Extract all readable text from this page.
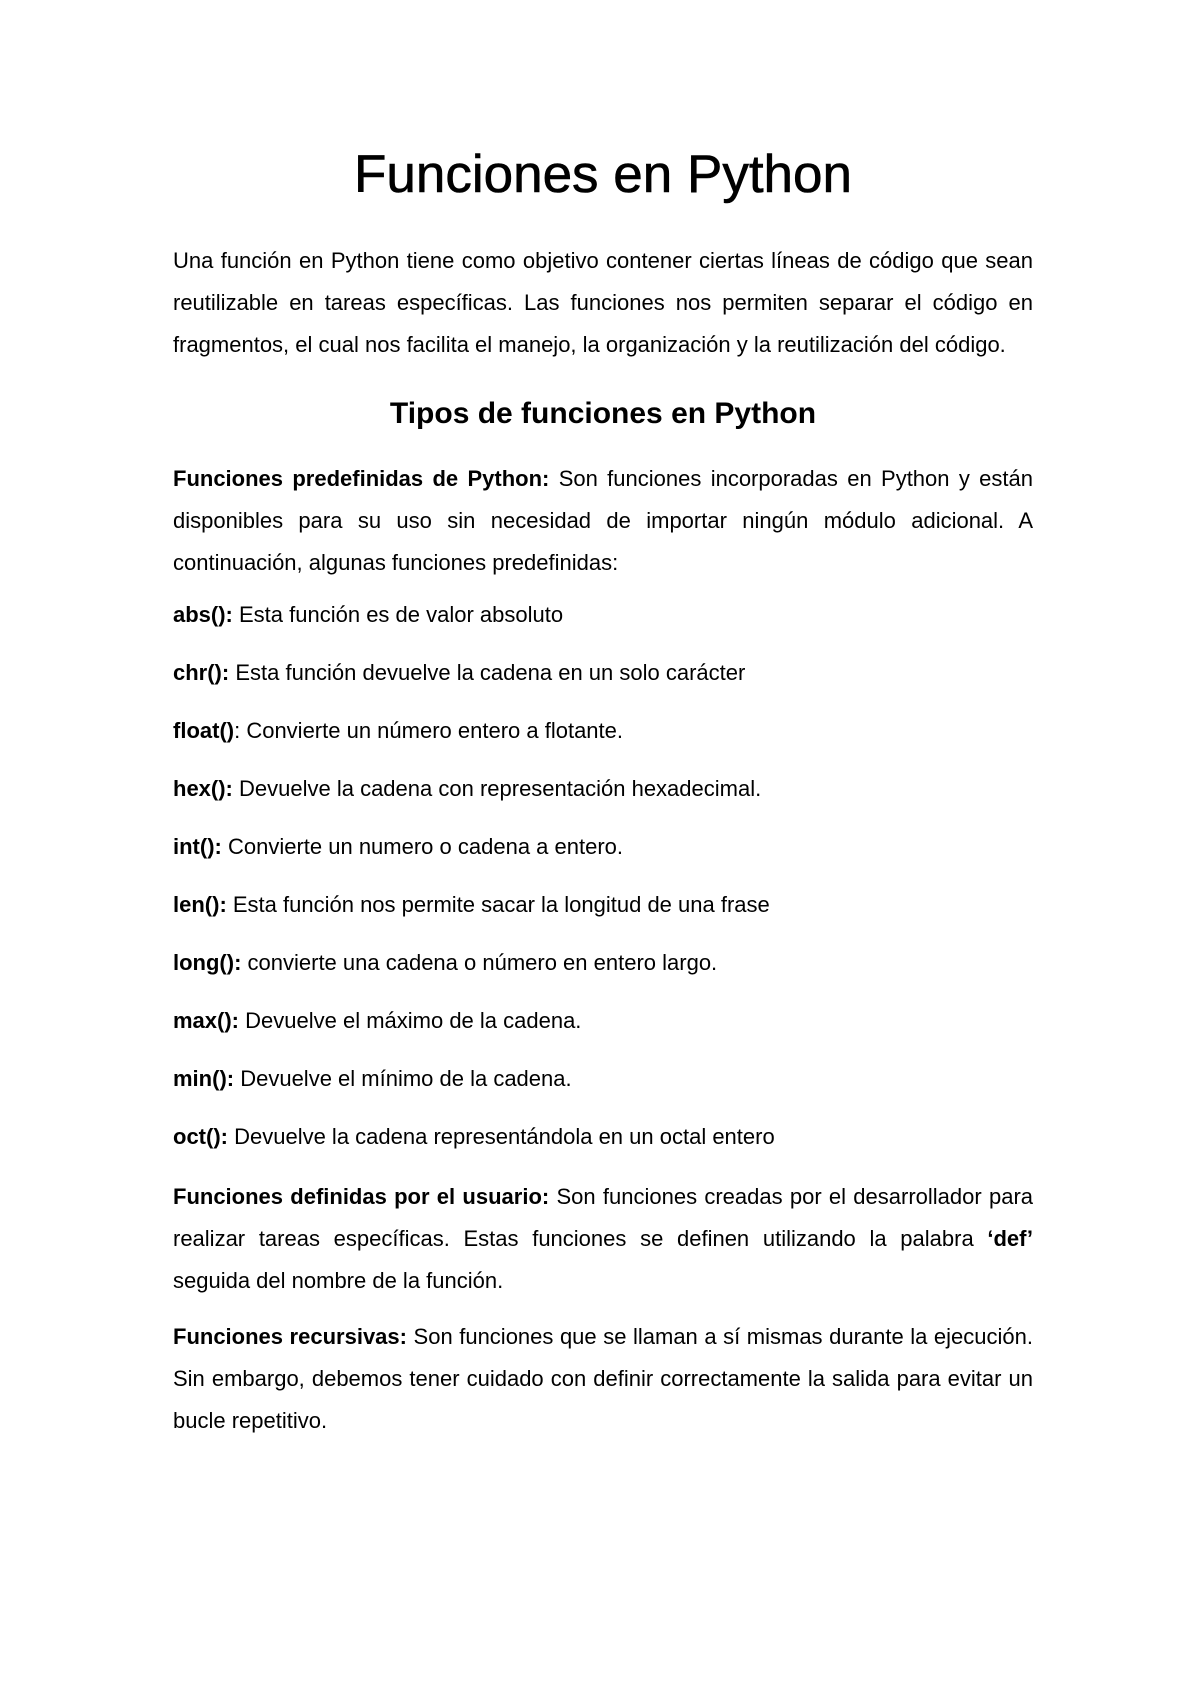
Funciones en Python

Una función en Python tiene como objetivo contener ciertas líneas de código que sean reutilizable en tareas específicas. Las funciones nos permiten separar el código en fragmentos, el cual nos facilita el manejo, la organización y la reutilización del código.

Tipos de funciones en Python

Funciones predefinidas de Python: Son funciones incorporadas en Python y están disponibles para su uso sin necesidad de importar ningún módulo adicional. A continuación, algunas funciones predefinidas:

abs(): Esta función es de valor absoluto
chr(): Esta función devuelve la cadena en un solo carácter
float(): Convierte un número entero a flotante.
hex(): Devuelve la cadena con representación hexadecimal.
int(): Convierte un numero o cadena a entero.
len(): Esta función nos permite sacar la longitud de una frase
long(): convierte una cadena o número en entero largo.
max(): Devuelve el máximo de la cadena.
min(): Devuelve el mínimo de la cadena.
oct(): Devuelve la cadena representándola en un octal entero

Funciones definidas por el usuario: Son funciones creadas por el desarrollador para realizar tareas específicas. Estas funciones se definen utilizando la palabra ‘def’ seguida del nombre de la función.

Funciones recursivas: Son funciones que se llaman a sí mismas durante la ejecución. Sin embargo, debemos tener cuidado con definir correctamente la salida para evitar un bucle repetitivo.
